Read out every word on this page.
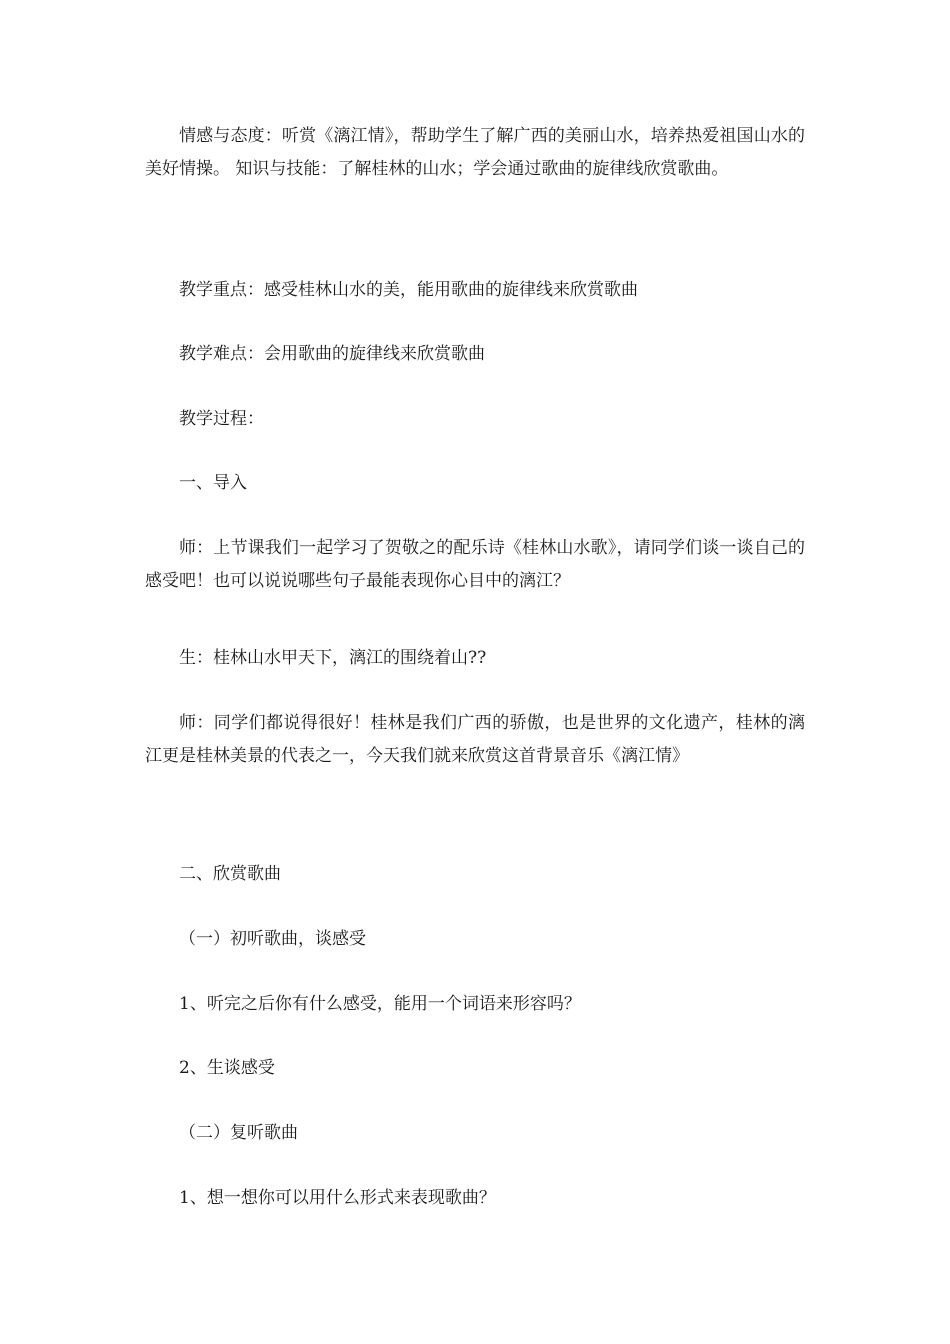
情感与态度：听赏《漓江情》，帮助学生了解广西的美丽山水，培养热爱祖国山水的美好情操。 知识与技能：了解桂林的山水；学会通过歌曲的旋律线欣赏歌曲。

教学重点：感受桂林山水的美，能用歌曲的旋律线来欣赏歌曲

教学难点：会用歌曲的旋律线来欣赏歌曲

教学过程：

一、导入

师：上节课我们一起学习了贺敬之的配乐诗《桂林山水歌》，请同学们谈一谈自己的感受吧！也可以说说哪些句子最能表现你心目中的漓江？

生：桂林山水甲天下，漓江的围绕着山??

师：同学们都说得很好！桂林是我们广西的骄傲，也是世界的文化遗产，桂林的漓江更是桂林美景的代表之一，今天我们就来欣赏这首背景音乐《漓江情》

二、欣赏歌曲

（一）初听歌曲，谈感受

1、听完之后你有什么感受，能用一个词语来形容吗？

2、生谈感受

（二）复听歌曲

1、想一想你可以用什么形式来表现歌曲？
